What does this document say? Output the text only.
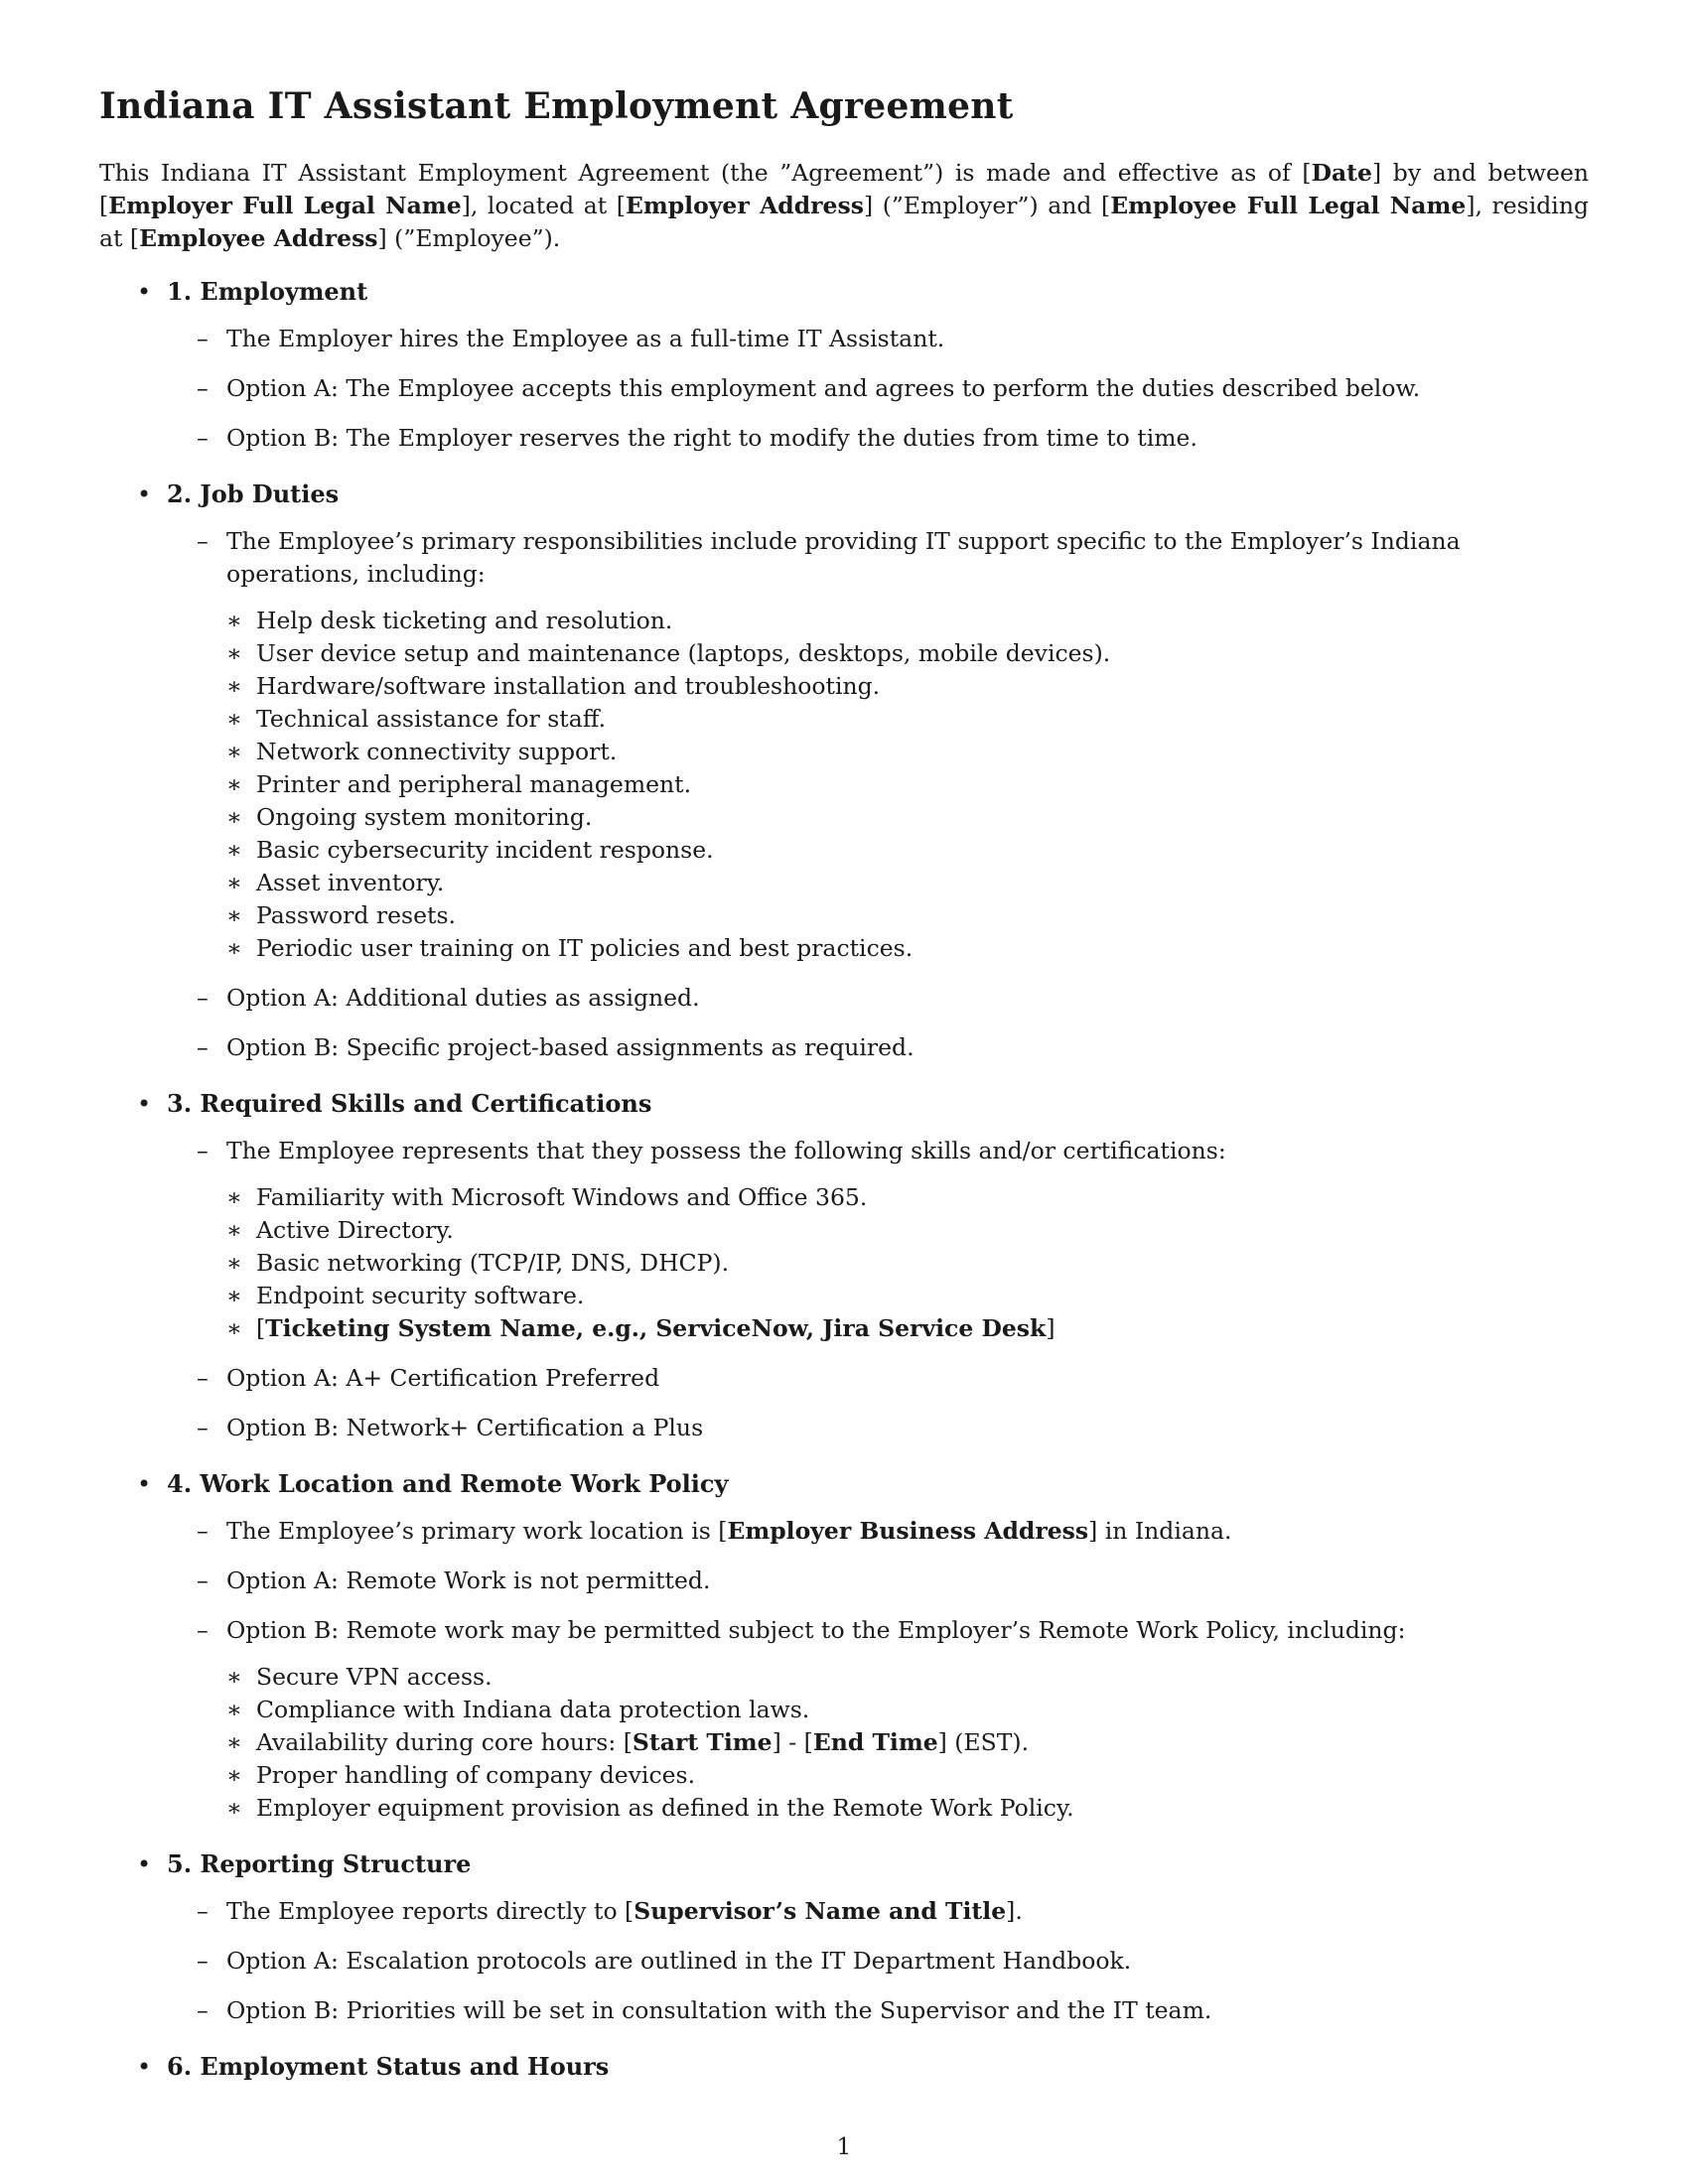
Indiana IT Assistant Employment Agreement

This Indiana IT Assistant Employment Agreement (the ”Agreement”) is made and effective as of [Date] by and between [Employer Full Legal Name], located at [Employer Address] (”Employer”) and [Employee Full Legal Name], residing at [Employee Address] (”Employee”).

• 1. Employment
– The Employer hires the Employee as a full-time IT Assistant.
– Option A: The Employee accepts this employment and agrees to perform the duties described below.
– Option B: The Employer reserves the right to modify the duties from time to time.
• 2. Job Duties
– The Employee’s primary responsibilities include providing IT support specific to the Employer’s Indiana operations, including:
∗ Help desk ticketing and resolution.
∗ User device setup and maintenance (laptops, desktops, mobile devices).
∗ Hardware/software installation and troubleshooting.
∗ Technical assistance for staff.
∗ Network connectivity support.
∗ Printer and peripheral management.
∗ Ongoing system monitoring.
∗ Basic cybersecurity incident response.
∗ Asset inventory.
∗ Password resets.
∗ Periodic user training on IT policies and best practices.
– Option A: Additional duties as assigned.
– Option B: Specific project-based assignments as required.
• 3. Required Skills and Certifications
– The Employee represents that they possess the following skills and/or certifications:
∗ Familiarity with Microsoft Windows and Office 365.
∗ Active Directory.
∗ Basic networking (TCP/IP, DNS, DHCP).
∗ Endpoint security software.
∗ [Ticketing System Name, e.g., ServiceNow, Jira Service Desk]
– Option A: A+ Certification Preferred
– Option B: Network+ Certification a Plus
• 4. Work Location and Remote Work Policy
– The Employee’s primary work location is [Employer Business Address] in Indiana.
– Option A: Remote Work is not permitted.
– Option B: Remote work may be permitted subject to the Employer’s Remote Work Policy, including:
∗ Secure VPN access.
∗ Compliance with Indiana data protection laws.
∗ Availability during core hours: [Start Time] - [End Time] (EST).
∗ Proper handling of company devices.
∗ Employer equipment provision as defined in the Remote Work Policy.
• 5. Reporting Structure
– The Employee reports directly to [Supervisor’s Name and Title].
– Option A: Escalation protocols are outlined in the IT Department Handbook.
– Option B: Priorities will be set in consultation with the Supervisor and the IT team.
• 6. Employment Status and Hours
1
